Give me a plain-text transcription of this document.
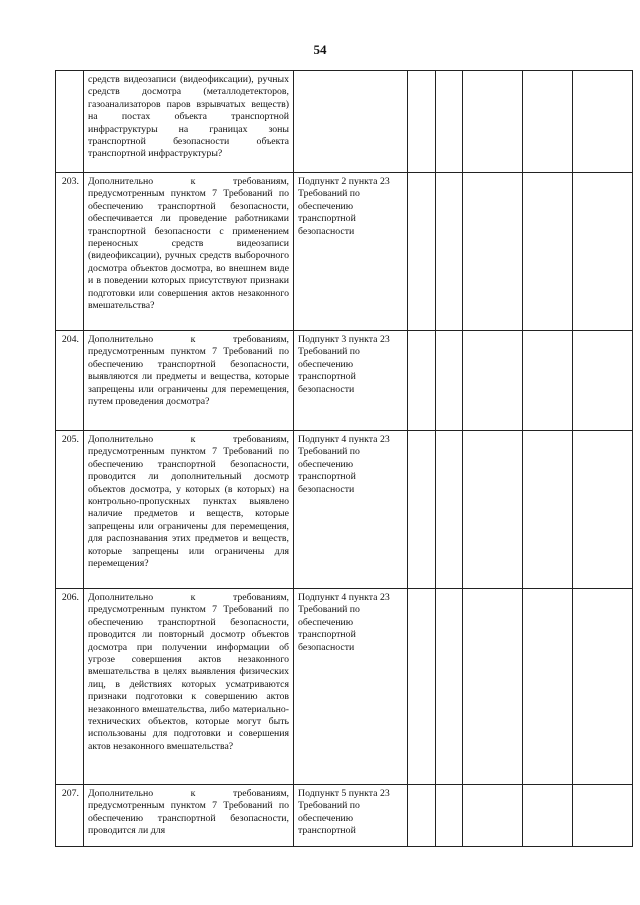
54
	средств видеозаписи (видеофиксации), ручных средств досмотра (металлодетекторов, газоанализаторов паров взрывчатых веществ) на постах объекта транспортной инфраструктуры на границах зоны транспортной безопасности объекта транспортной инфраструктуры?						
203.	Дополнительно к требованиям, предусмотренным пунктом 7 Требований по обеспечению транспортной безопасности, обеспечивается ли проведение работниками транспортной безопасности с применением переносных средств видеозаписи (видеофиксации), ручных средств выборочного досмотра объектов досмотра, во внешнем виде и в поведении которых присутствуют признаки подготовки или совершения актов незаконного вмешательства?	Подпункт 2 пункта 23 Требований по обеспечению транспортной безопасности					
204.	Дополнительно к требованиям, предусмотренным пунктом 7 Требований по обеспечению транспортной безопасности, выявляются ли предметы и вещества, которые запрещены или ограничены для перемещения, путем проведения досмотра?	Подпункт 3 пункта 23 Требований по обеспечению транспортной безопасности					
205.	Дополнительно к требованиям, предусмотренным пунктом 7 Требований по обеспечению транспортной безопасности, проводится ли дополнительный досмотр объектов досмотра, у которых (в которых) на контрольно-пропускных пунктах выявлено наличие предметов и веществ, которые запрещены или ограничены для перемещения, для распознавания этих предметов и веществ, которые запрещены или ограничены для перемещения?	Подпункт 4 пункта 23 Требований по обеспечению транспортной безопасности					
206.	Дополнительно к требованиям, предусмотренным пунктом 7 Требований по обеспечению транспортной безопасности, проводится ли повторный досмотр объектов досмотра при получении информации об угрозе совершения актов незаконного вмешательства в целях выявления физических лиц, в действиях которых усматриваются признаки подготовки к совершению актов незаконного вмешательства, либо материально-технических объектов, которые могут быть использованы для подготовки и совершения актов незаконного вмешательства?	Подпункт 4 пункта 23 Требований по обеспечению транспортной безопасности					
207.	Дополнительно к требованиям, предусмотренным пунктом 7 Требований по обеспечению транспортной безопасности, проводится ли для	Подпункт 5 пункта 23 Требований по обеспечению транспортной					
